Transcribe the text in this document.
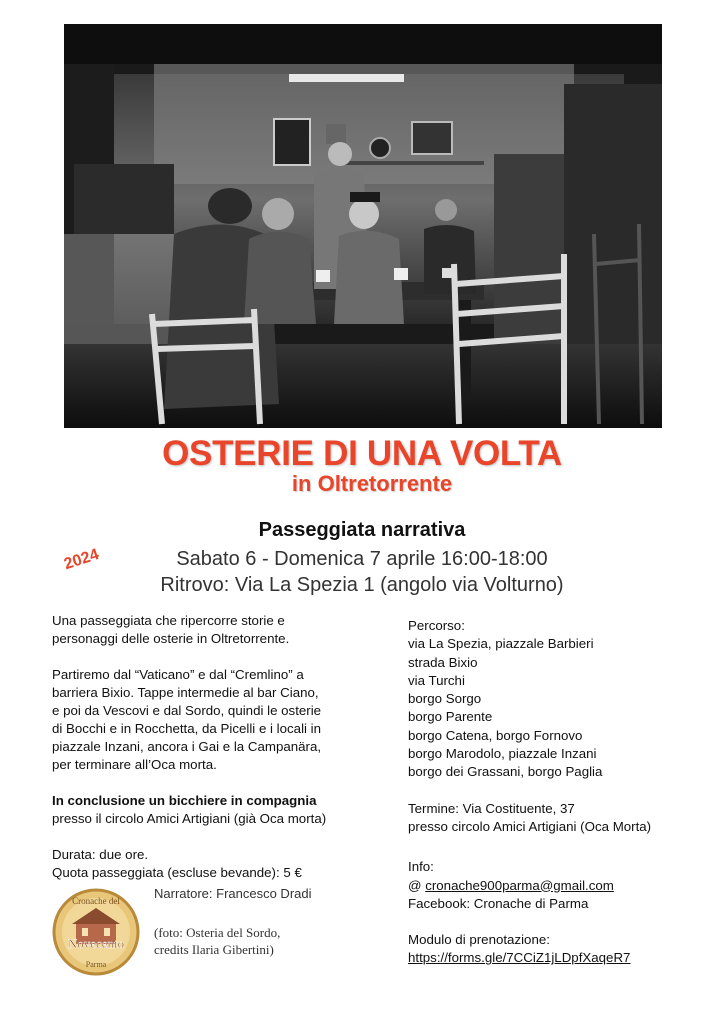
OSTERIE DI UNA VOLTA
in Oltretorrente
Passeggiata narrativa
2024	Sabato 6 - Domenica 7 aprile 16:00-18:00
Ritrovo: Via La Spezia 1 (angolo via Volturno)

Una passeggiata che ripercorre storie e personaggi delle osterie in Oltretorrente.

Partiremo dal “Vaticano” e dal “Cremlino” a
barriera Bixio. Tappe intermedie al bar Ciano,
e poi da Vescovi e dal Sordo, quindi le osterie
di Bocchi e in Rocchetta, da Picelli e i locali in
piazzale Inzani, ancora i Gai e la Campanära,
per terminare all’Oca morta.

In conclusione un bicchiere in compagnia
presso il circolo Amici Artigiani (già Oca morta)

Durata: due ore.
Quota passeggiata (escluse bevande): 5 €

Cronache del
Novecento
Parma
Narratore: Francesco Dradi
(foto: Osteria del Sordo,
credits Ilaria Gibertini)
Percorso:
via La Spezia, piazzale Barbieri
strada Bixio
via Turchi
borgo Sorgo
borgo Parente
borgo Catena, borgo Fornovo
borgo Marodolo, piazzale Inzani
borgo dei Grassani, borgo Paglia
Termine: Via Costituente, 37
presso circolo Amici Artigiani (Oca Morta)
Info:
@ cronache900parma@gmail.com
Facebook: Cronache di Parma
Modulo di prenotazione:
https://forms.gle/7CCiZ1jLDpfXaqeR7
